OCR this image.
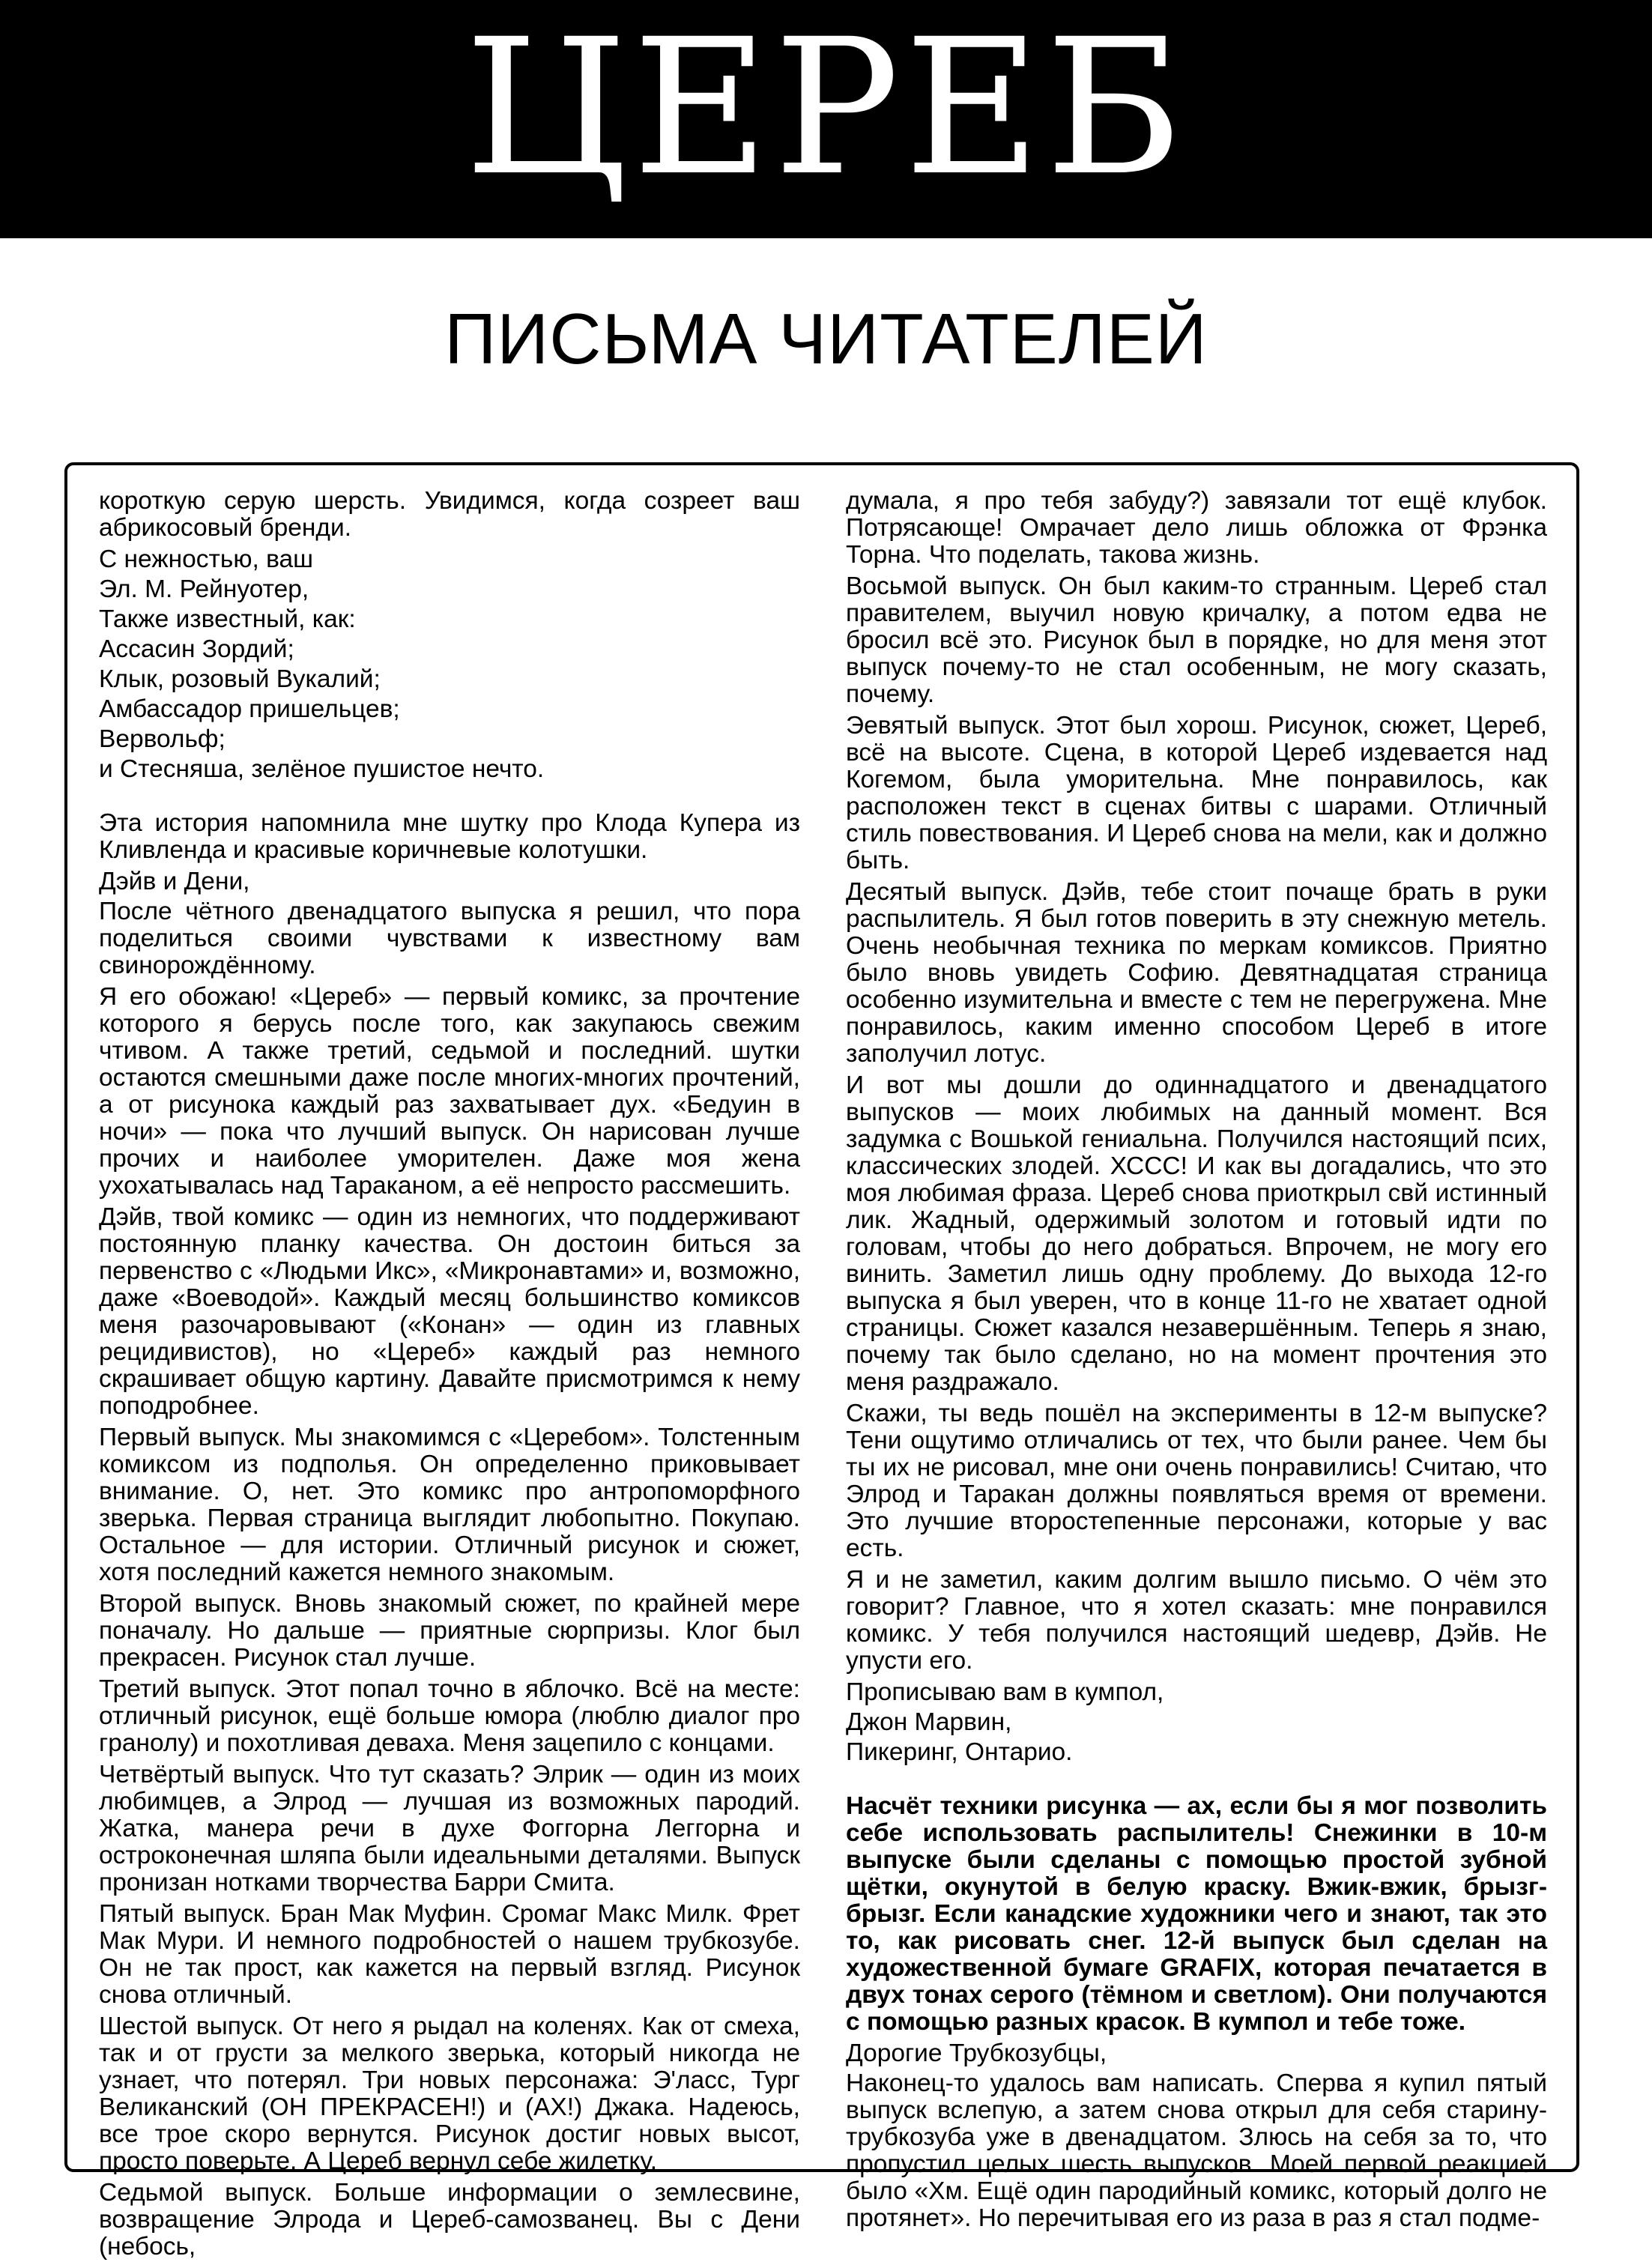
ЦЕРЕБ
ПИСЬМА ЧИТАТЕЛЕЙ

короткую серую шерсть. Увидимся, когда созреет ваш абрикосовый бренди.

С нежностью, ваш

Эл. М. Рейнуотер,

Также известный, как:

Ассасин Зордий;

Клык, розовый Вукалий;

Амбассадор пришельцев;

Вервольф;

и Стесняша, зелёное пушистое нечто.

Эта история напомнила мне шутку про Клода Купера из Кливленда и красивые коричневые колотушки.

Дэйв и Дени,

После чётного двенадцатого выпуска я решил, что пора поделиться своими чувствами к известному вам свинорождённому.

Я его обожаю! «Цереб» — первый комикс, за прочтение которого я берусь после того, как закупаюсь свежим чтивом. А также третий, седьмой и последний. шутки остаются смешными даже после многих-многих прочтений, а от рисунока каждый раз захватывает дух. «Бедуин в ночи» — пока что лучший выпуск. Он нарисован лучше прочих и наиболее уморителен. Даже моя жена ухохатывалась над Тараканом, а её непросто рассмешить.

Дэйв, твой комикс — один из немногих, что поддерживают постоянную планку качества. Он достоин биться за первенство с «Людьми Икс», «Микронавтами» и, возможно, даже «Воеводой». Каждый месяц большинство комиксов меня разочаровывают («Конан» — один из главных рецидивистов), но «Цереб» каждый раз немного скрашивает общую картину. Давайте присмотримся к нему поподробнее.

Первый выпуск. Мы знакомимся с «Церебом». Толстенным комиксом из подполья. Он определенно приковывает внимание. О, нет. Это комикс про антропоморфного зверька. Первая страница выглядит любопытно. Покупаю. Остальное — для истории. Отличный рисунок и сюжет, хотя последний кажется немного знакомым.

Второй выпуск. Вновь знакомый сюжет, по крайней мере поначалу. Но дальше — приятные сюрпризы. Клог был прекрасен. Рисунок стал лучше.

Третий выпуск. Этот попал точно в яблочко. Всё на месте: отличный рисунок, ещё больше юмора (люблю диалог про гранолу) и похотливая деваха. Меня зацепило с концами.

Четвёртый выпуск. Что тут сказать? Элрик — один из моих любимцев, а Элрод — лучшая из возможных пародий. Жатка, манера речи в духе Фоггорна Леггорна и остроконечная шляпа были идеальными деталями. Выпуск пронизан нотками творчества Барри Смита.

Пятый выпуск. Бран Мак Муфин. Сромаг Макс Милк. Фрет Мак Мури. И немного подробностей о нашем трубкозубе. Он не так прост, как кажется на первый взгляд. Рисунок снова отличный.

Шестой выпуск. От него я рыдал на коленях. Как от смеха, так и от грусти за мелкого зверька, который никогда не узнает, что потерял. Три новых персонажа: Э'ласс, Тург Великанский (ОН ПРЕКРАСЕН!) и (АХ!) Джака. Надеюсь, все трое скоро вернутся. Рисунок достиг новых высот, просто поверьте. А Цереб вернул себе жилетку.

Седьмой выпуск. Больше информации о землесвине, возвращение Элрода и Цереб-самозванец. Вы с Дени (небось,

думала, я про тебя забуду?) завязали тот ещё клубок. Потрясающе! Омрачает дело лишь обложка от Фрэнка Торна. Что поделать, такова жизнь.

Восьмой выпуск. Он был каким-то странным. Цереб стал правителем, выучил новую кричалку, а потом едва не бросил всё это. Рисунок был в порядке, но для меня этот выпуск почему-то не стал особенным, не могу сказать, почему.

Эевятый выпуск. Этот был хорош. Рисунок, сюжет, Цереб, всё на высоте. Сцена, в которой Цереб издевается над Когемом, была уморительна. Мне понравилось, как расположен текст в сценах битвы с шарами. Отличный стиль повествования. И Цереб снова на мели, как и должно быть.

Десятый выпуск. Дэйв, тебе стоит почаще брать в руки распылитель. Я был готов поверить в эту снежную метель. Очень необычная техника по меркам комиксов. Приятно было вновь увидеть Софию. Девятнадцатая страница особенно изумительна и вместе с тем не перегружена. Мне понравилось, каким именно способом Цереб в итоге заполучил лотус.

И вот мы дошли до одиннадцатого и двенадцатого выпусков — моих любимых на данный момент. Вся задумка с Вошькой гениальна. Получился настоящий псих, классических злодей. ХССС! И как вы догадались, что это моя любимая фраза. Цереб снова приоткрыл свй истинный лик. Жадный, одержимый золотом и готовый идти по головам, чтобы до него добраться. Впрочем, не могу его винить. Заметил лишь одну проблему. До выхода 12-го выпуска я был уверен, что в конце 11-го не хватает одной страницы. Сюжет казался незавершённым. Теперь я знаю, почему так было сделано, но на момент прочтения это меня раздражало.

Скажи, ты ведь пошёл на эксперименты в 12-м выпуске? Тени ощутимо отличались от тех, что были ранее. Чем бы ты их не рисовал, мне они очень понравились! Считаю, что Элрод и Таракан должны появляться время от времени. Это лучшие второстепенные персонажи, которые у вас есть.

Я и не заметил, каким долгим вышло письмо. О чём это говорит? Главное, что я хотел сказать: мне понравился комикс. У тебя получился настоящий шедевр, Дэйв. Не упусти его.

Прописываю вам в кумпол,

Джон Марвин,

Пикеринг, Онтарио.

Насчёт техники рисунка — ах, если бы я мог позволить себе использовать распылитель! Снежинки в 10-м выпуске были сделаны с помощью простой зубной щётки, окунутой в белую краску. Вжик-вжик, брызг-брызг. Если канадские художники чего и знают, так это то, как рисовать снег. 12-й выпуск был сделан на художественной бумаге GRAFIX, которая печатается в двух тонах серого (тёмном и светлом). Они получаются с помощью разных красок. В кумпол и тебе тоже.

Дорогие Трубкозубцы,

Наконец-то удалось вам написать. Сперва я купил пятый выпуск вслепую, а затем снова открыл для себя старину-трубкозуба уже в двенадцатом. Злюсь на себя за то, что пропустил целых шесть выпусков. Моей первой реакцией было «Хм. Ещё один пародийный комикс, который долго не протянет». Но перечитывая его из раза в раз я стал подме-
